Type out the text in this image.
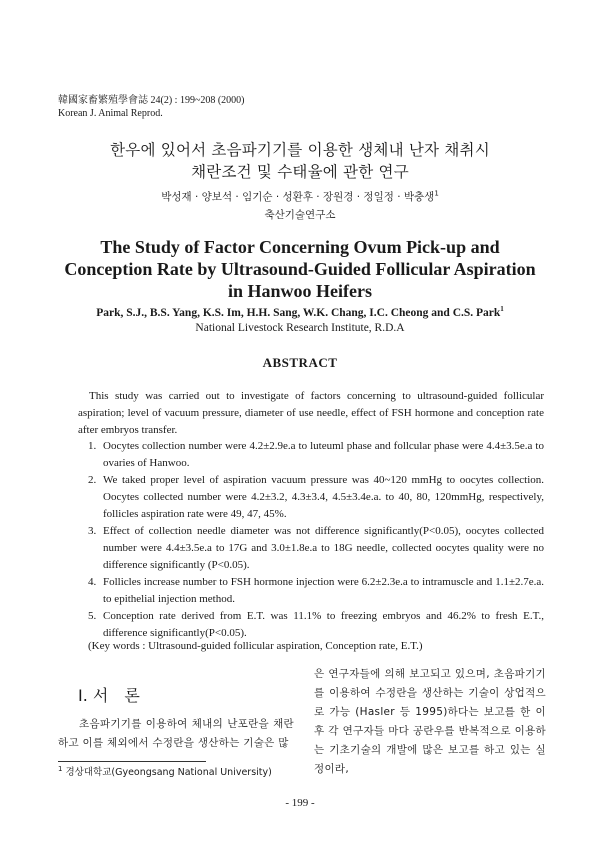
韓國家畜繁殖學會誌 24(2) : 199~208 (2000)
Korean J. Animal Reprod.
한우에 있어서 초음파기기를 이용한 생체내 난자 채취시
채란조건 및 수태율에 관한 연구
박성재 · 양보석 · 임기순 · 성환후 · 장원경 · 정일정 · 박충생$^1$
축산기술연구소
The Study of Factor Concerning Ovum Pick-up and
Conception Rate by Ultrasound-Guided Follicular Aspiration
in Hanwoo Heifers
Park, S.J., B.S. Yang, K.S. Im, H.H. Sang, W.K. Chang, I.C. Cheong and C.S. Park$^1$
National Livestock Research Institute, R.D.A
ABSTRACT
This study was carried out to investigate of factors concerning to ultrasound-guided follicular aspiration; level of vacuum pressure, diameter of use needle, effect of FSH hormone and conception rate after embryos transfer.
1. Oocytes collection number were 4.2±2.9e.a to luteuml phase and follcular phase were 4.4±3.5e.a to ovaries of Hanwoo.
2. We taked proper level of aspiration vacuum pressure was 40~120 mmHg to oocytes collection. Oocytes collected number were 4.2±3.2, 4.3±3.4, 4.5±3.4e.a. to 40, 80, 120mmHg, respectively, follicles aspiration rate were 49, 47, 45%.
3. Effect of collection needle diameter was not difference significantly(P<0.05), oocytes collected number were 4.4±3.5e.a to 17G and 3.0±1.8e.a to 18G needle, collected oocytes quality were no difference significantly (P<0.05).
4. Follicles increase number to FSH hormone injection were 6.2±2.3e.a to intramuscle and 1.1±2.7e.a. to epithelial injection method.
5. Conception rate derived from E.T. was 11.1% to freezing embryos and 46.2% to fresh E.T., difference significantly(P<0.05).
(Key words : Ultrasound-guided follicular aspiration, Conception rate, E.T.)
Ⅰ. 서　론
초음파기기를 이용하여 체내의 난포란을 채란하고 이를 체외에서 수정란을 생산하는 기술은 많
은 연구자들에 의해 보고되고 있으며, 초음파기기를 이용하여 수정란을 생산하는 기술이 상업적으로 가능 (Hasler 등 1995)하다는 보고를 한 이후 각 연구자들 마다 공란우를 반복적으로 이용하는 기초기술의 개발에 많은 보고를 하고 있는 실정이라,
$^1$ 경상대학교(Gyeongsang National University)
- 199 -
